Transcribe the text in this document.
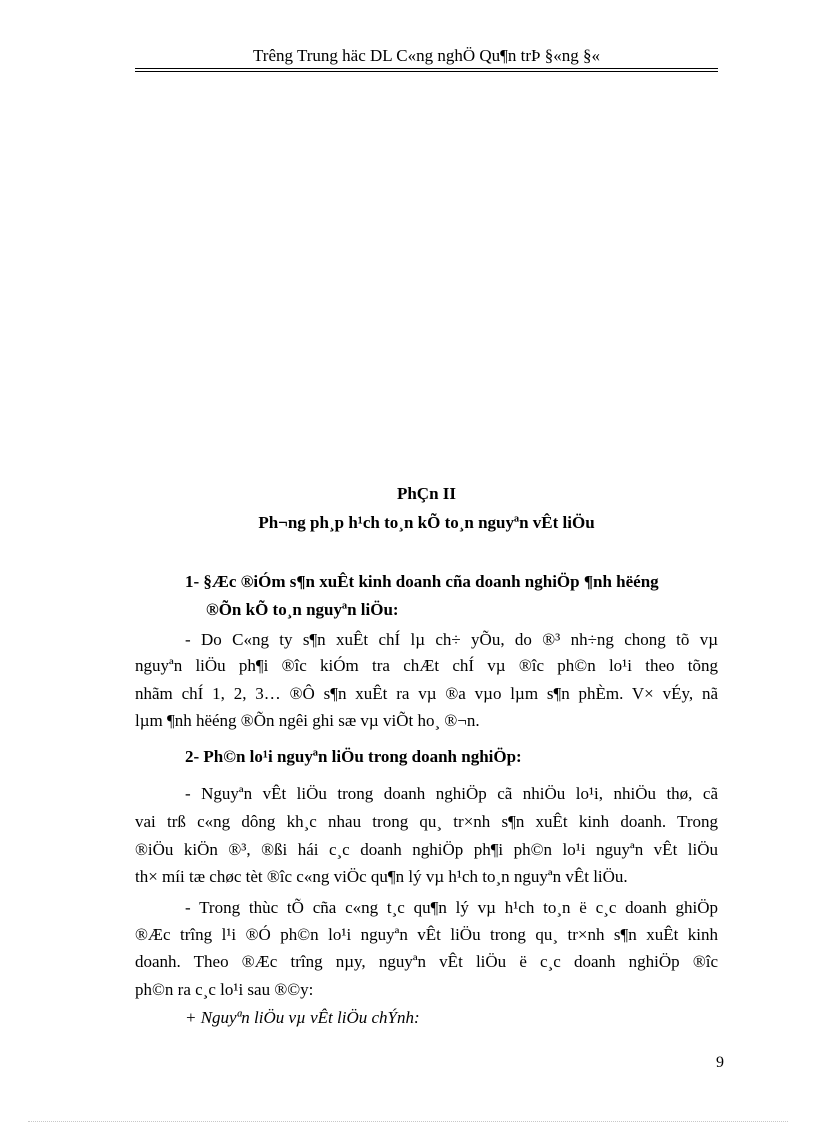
Trêng Trung häc DL C«ng nghÖ Qu¶n trÞ §«ng §«
PhÇn II
Ph¬ng ph¸p h¹ch to¸n kÕ to¸n nguyªn vÊt liÖu
1- §Æc ®iÓm s¶n xuÊt kinh doanh cña doanh nghiÖp ¶nh hëéng
®Õn kÕ to¸n nguyªn liÖu:
- Do C«ng ty s¶n xuÊt chÍ lµ ch÷ yÕu, do ®³ nh÷ng chong tõ vµ
nguyªn liÖu ph¶i ®îc kiÓm tra chÆt chÍ vµ ®îc ph©n lo¹i theo tõng
nhãm chÍ 1, 2, 3… ®Ô s¶n xuÊt ra vµ ®a vµo lµm s¶n phÈm. V× vÉy, nã
lµm ¶nh hëéng ®Õn ngêi ghi sæ vµ viÕt ho¸ ®¬n.
2- Ph©n lo¹i nguyªn liÖu trong doanh nghiÖp:
- Nguyªn vÊt liÖu trong doanh nghiÖp cã nhiÖu lo¹i, nhiÖu thø, cã
vai trß c«ng dông kh¸c nhau trong qu¸ tr×nh s¶n xuÊt kinh doanh. Trong
®iÖu kiÖn ®³, ®ßi hái c¸c doanh nghiÖp ph¶i ph©n lo¹i nguyªn vÊt liÖu
th× míi tæ chøc tèt ®îc c«ng viÖc qu¶n lý vµ h¹ch to¸n nguyªn vÊt liÖu.
- Trong thùc tÕ cña c«ng t¸c qu¶n lý vµ h¹ch to¸n ë c¸c doanh ghiÖp
®Æc trîng l¹i ®Ó ph©n lo¹i nguyªn vÊt liÖu trong qu¸ tr×nh s¶n xuÊt kinh
doanh. Theo ®Æc trîng nµy, nguyªn vÊt liÖu ë c¸c doanh nghiÖp ®îc
ph©n ra c¸c lo¹i sau ®©y:
+ Nguyªn liÖu vµ vÊt liÖu chÝnh:
9
